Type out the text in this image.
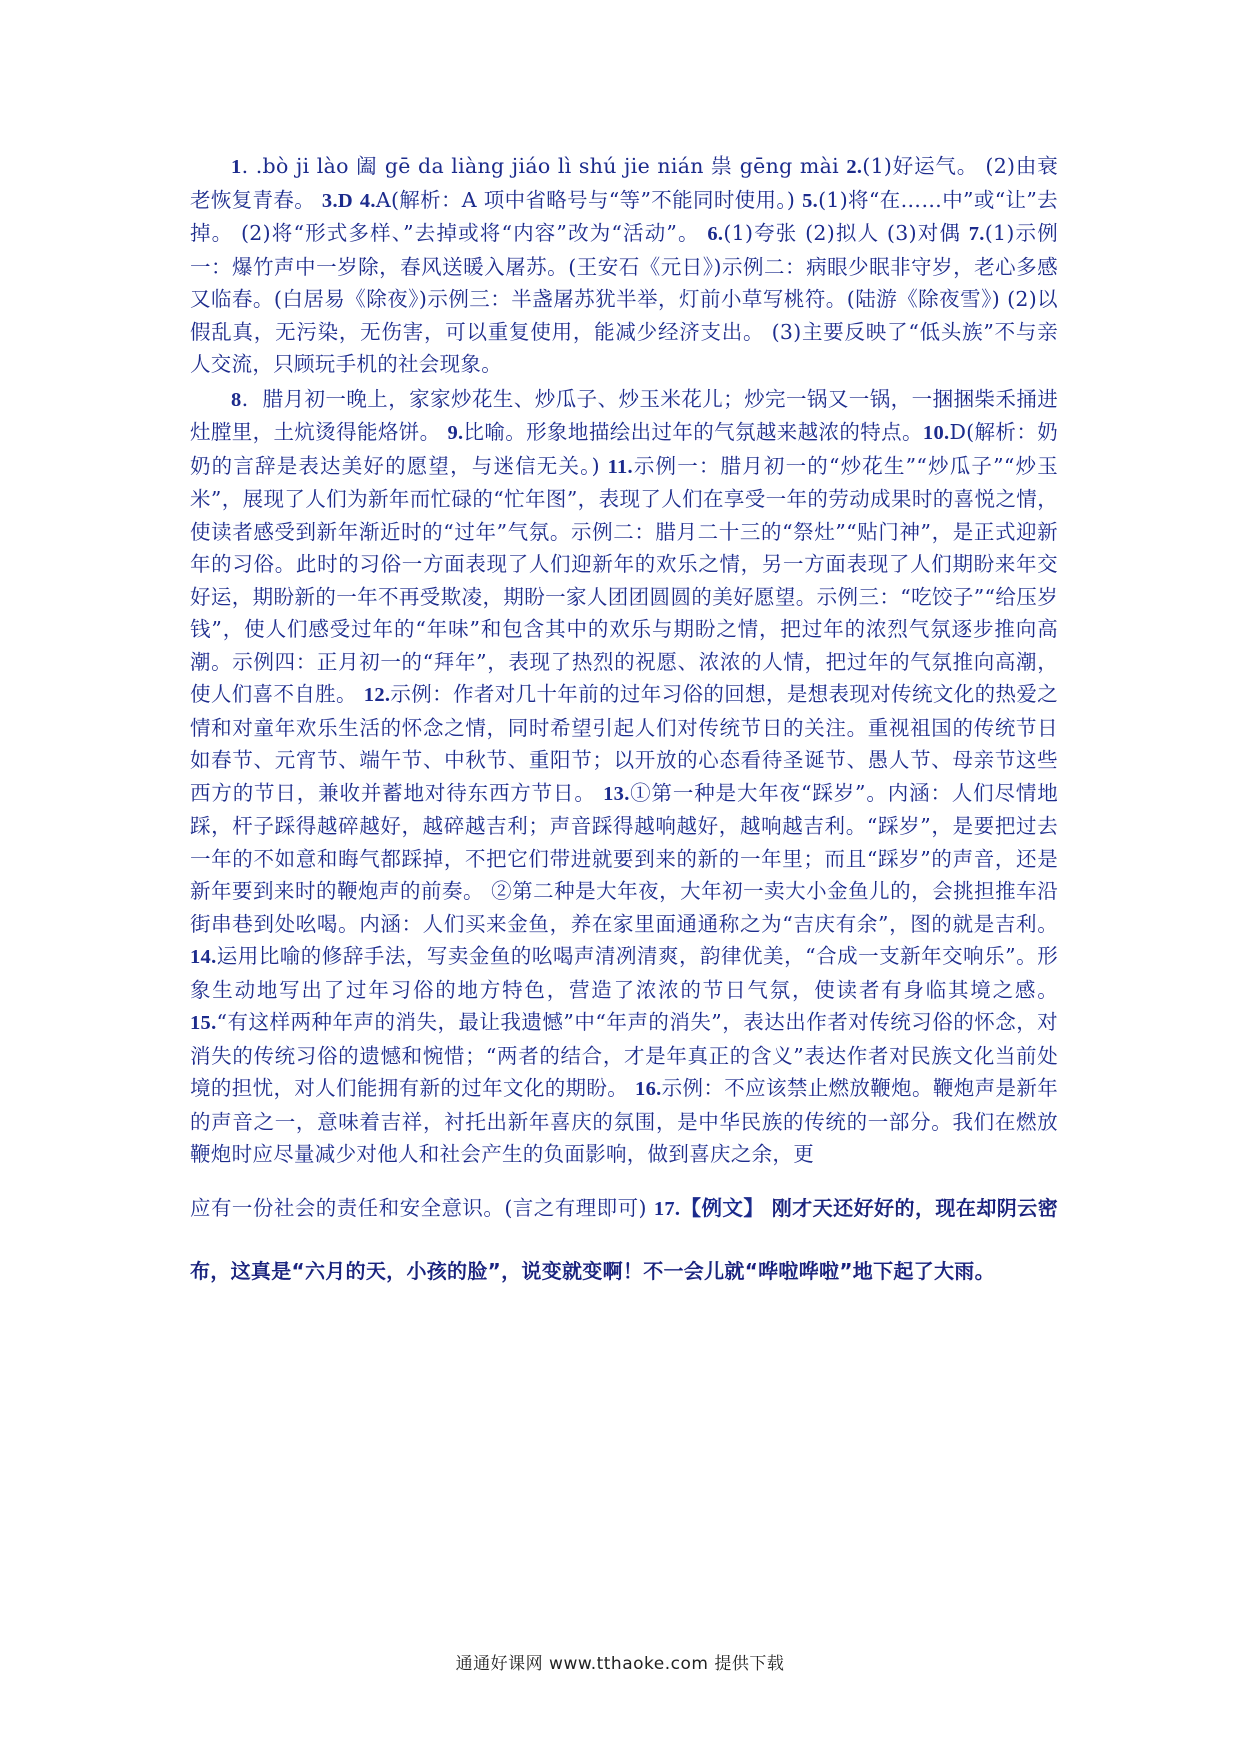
1. .bò ji lào 阖 gē da liàng jiáo lì shú jie nián 祟 gēng mài 2.(1)好运气。 (2)由衰老恢复青春。 3.D 4.A(解析：A 项中省略号与“等”不能同时使用。) 5.(1)将“在……中”或“让”去掉。 (2)将“形式多样、”去掉或将“内容”改为“活动”。 6.(1)夸张 (2)拟人 (3)对偶 7.(1)示例一：爆竹声中一岁除，春风送暖入屠苏。(王安石《元日》)示例二：病眼少眠非守岁，老心多感又临春。(白居易《除夜》)示例三：半盏屠苏犹半举，灯前小草写桃符。(陆游《除夜雪》) (2)以假乱真，无污染，无伤害，可以重复使用，能减少经济支出。 (3)主要反映了“低头族”不与亲人交流，只顾玩手机的社会现象。

8．腊月初一晚上，家家炒花生、炒瓜子、炒玉米花儿；炒完一锅又一锅，一捆捆柴禾捅进灶膛里，土炕烫得能烙饼。 9.比喻。形象地描绘出过年的气氛越来越浓的特点。10.D(解析：奶奶的言辞是表达美好的愿望，与迷信无关。) 11.示例一：腊月初一的“炒花生”“炒瓜子”“炒玉米”，展现了人们为新年而忙碌的“忙年图”，表现了人们在享受一年的劳动成果时的喜悦之情，使读者感受到新年渐近时的“过年”气氛。示例二：腊月二十三的“祭灶”“贴门神”，是正式迎新年的习俗。此时的习俗一方面表现了人们迎新年的欢乐之情，另一方面表现了人们期盼来年交好运，期盼新的一年不再受欺凌，期盼一家人团团圆圆的美好愿望。示例三：“吃饺子”“给压岁钱”，使人们感受过年的“年味”和包含其中的欢乐与期盼之情，把过年的浓烈气氛逐步推向高潮。示例四：正月初一的“拜年”，表现了热烈的祝愿、浓浓的人情，把过年的气氛推向高潮，使人们喜不自胜。 12.示例：作者对几十年前的过年习俗的回想，是想表现对传统文化的热爱之情和对童年欢乐生活的怀念之情，同时希望引起人们对传统节日的关注。重视祖国的传统节日如春节、元宵节、端午节、中秋节、重阳节；以开放的心态看待圣诞节、愚人节、母亲节这些西方的节日，兼收并蓄地对待东西方节日。 13.①第一种是大年夜“踩岁”。内涵：人们尽情地踩，杆子踩得越碎越好，越碎越吉利；声音踩得越响越好，越响越吉利。“踩岁”，是要把过去一年的不如意和晦气都踩掉，不把它们带进就要到来的新的一年里；而且“踩岁”的声音，还是新年要到来时的鞭炮声的前奏。 ②第二种是大年夜，大年初一卖大小金鱼儿的，会挑担推车沿街串巷到处吆喝。内涵：人们买来金鱼，养在家里面通通称之为“吉庆有余”，图的就是吉利。14.运用比喻的修辞手法，写卖金鱼的吆喝声清冽清爽，韵律优美，“合成一支新年交响乐”。形象生动地写出了过年习俗的地方特色，营造了浓浓的节日气氛，使读者有身临其境之感。15.“有这样两种年声的消失，最让我遗憾”中“年声的消失”，表达出作者对传统习俗的怀念，对消失的传统习俗的遗憾和惋惜；“两者的结合，才是年真正的含义”表达作者对民族文化当前处境的担忧，对人们能拥有新的过年文化的期盼。 16.示例：不应该禁止燃放鞭炮。鞭炮声是新年的声音之一，意味着吉祥，衬托出新年喜庆的氛围，是中华民族的传统的一部分。我们在燃放鞭炮时应尽量减少对他人和社会产生的负面影响，做到喜庆之余，更

应有一份社会的责任和安全意识。(言之有理即可) 17.【例文】 刚才天还好好的，现在却阴云密布，这真是“六月的天，小孩的脸”，说变就变啊！不一会儿就“哗啦哗啦”地下起了大雨。

通通好课网 www.tthaoke.com 提供下载
